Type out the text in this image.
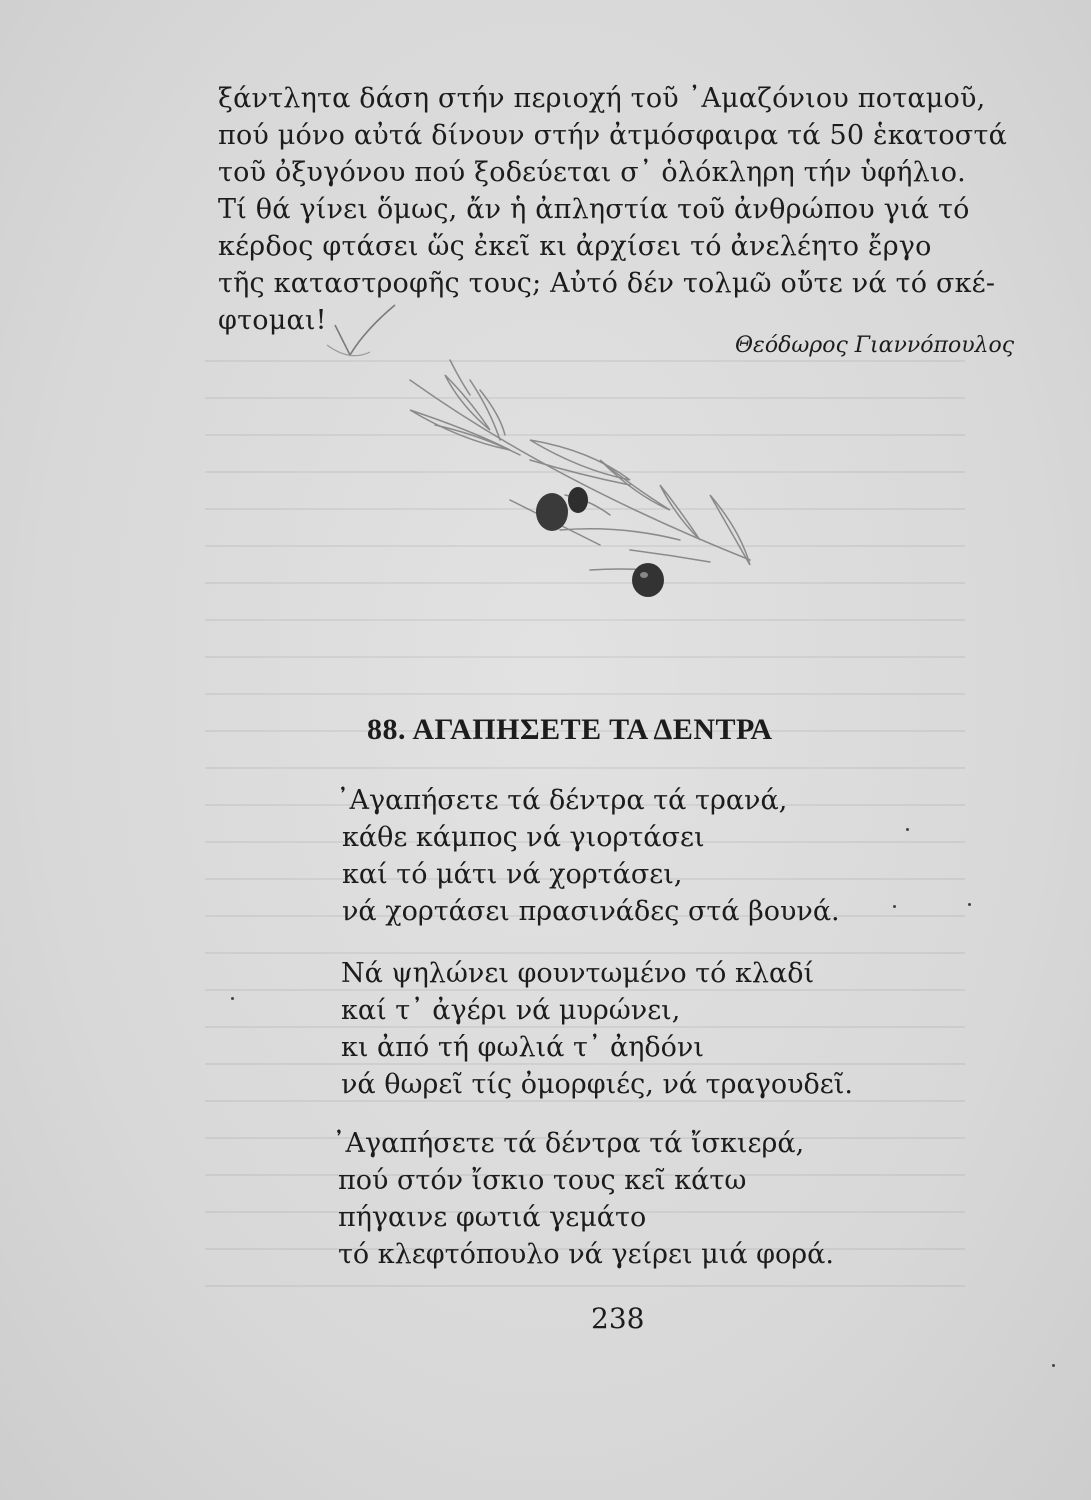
ξάντλητα δάση στήν περιοχή τοῦ ᾿Αμαζόνιου ποταμοῦ,

πού μόνο αὐτά δίνουν στήν ἀτμόσφαιρα τά 50 ἑκατοστά

τοῦ ὀξυγόνου πού ξοδεύεται σ᾿ ὁλόκληρη τήν ὑφήλιο.

Τί θά γίνει ὅμως, ἄν ἡ ἀπληστία τοῦ ἀνθρώπου γιά τό

κέρδος φτάσει ὥς ἐκεῖ κι ἀρχίσει τό ἀνελέητο ἔργο

τῆς καταστροφῆς τους; Αὐτό δέν τολμῶ οὔτε νά τό σκέ-

φτομαι!

Θεόδωρος Γιαννόπουλος
88. ΑΓΑΠΗΣΕΤΕ ΤΑ ΔΕΝΤΡΑ
᾿Αγαπήσετε τά δέντρα τά τρανά,
κάθε κάμπος νά γιορτάσει
καί τό μάτι νά χορτάσει,
νά χορτάσει πρασινάδες στά βουνά.
Νά ψηλώνει φουντωμένο τό κλαδί
καί τ᾿ ἀγέρι νά μυρώνει,
κι ἀπό τή φωλιά τ᾿ ἀηδόνι
νά θωρεῖ τίς ὀμορφιές, νά τραγουδεῖ.
᾿Αγαπήσετε τά δέντρα τά ἴσκιερά,
πού στόν ἴσκιο τους κεῖ κάτω
πήγαινε φωτιά γεμάτο
τό κλεφτόπουλο νά γείρει μιά φορά.
238
